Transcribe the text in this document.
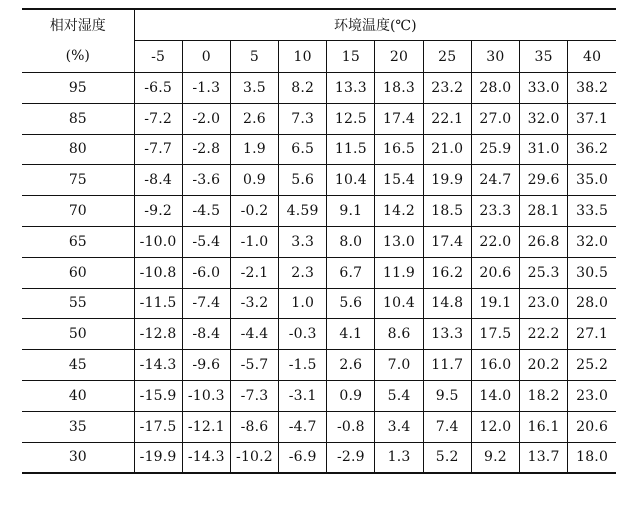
相对湿度	环境温度(℃)									
(%)	-5	0	5	10	15	20	25	30	35	40
95	-6.5	-1.3	3.5	8.2	13.3	18.3	23.2	28.0	33.0	38.2
85	-7.2	-2.0	2.6	7.3	12.5	17.4	22.1	27.0	32.0	37.1
80	-7.7	-2.8	1.9	6.5	11.5	16.5	21.0	25.9	31.0	36.2
75	-8.4	-3.6	0.9	5.6	10.4	15.4	19.9	24.7	29.6	35.0
70	-9.2	-4.5	-0.2	4.59	9.1	14.2	18.5	23.3	28.1	33.5
65	-10.0	-5.4	-1.0	3.3	8.0	13.0	17.4	22.0	26.8	32.0
60	-10.8	-6.0	-2.1	2.3	6.7	11.9	16.2	20.6	25.3	30.5
55	-11.5	-7.4	-3.2	1.0	5.6	10.4	14.8	19.1	23.0	28.0
50	-12.8	-8.4	-4.4	-0.3	4.1	8.6	13.3	17.5	22.2	27.1
45	-14.3	-9.6	-5.7	-1.5	2.6	7.0	11.7	16.0	20.2	25.2
40	-15.9	-10.3	-7.3	-3.1	0.9	5.4	9.5	14.0	18.2	23.0
35	-17.5	-12.1	-8.6	-4.7	-0.8	3.4	7.4	12.0	16.1	20.6
30	-19.9	-14.3	-10.2	-6.9	-2.9	1.3	5.2	9.2	13.7	18.0
